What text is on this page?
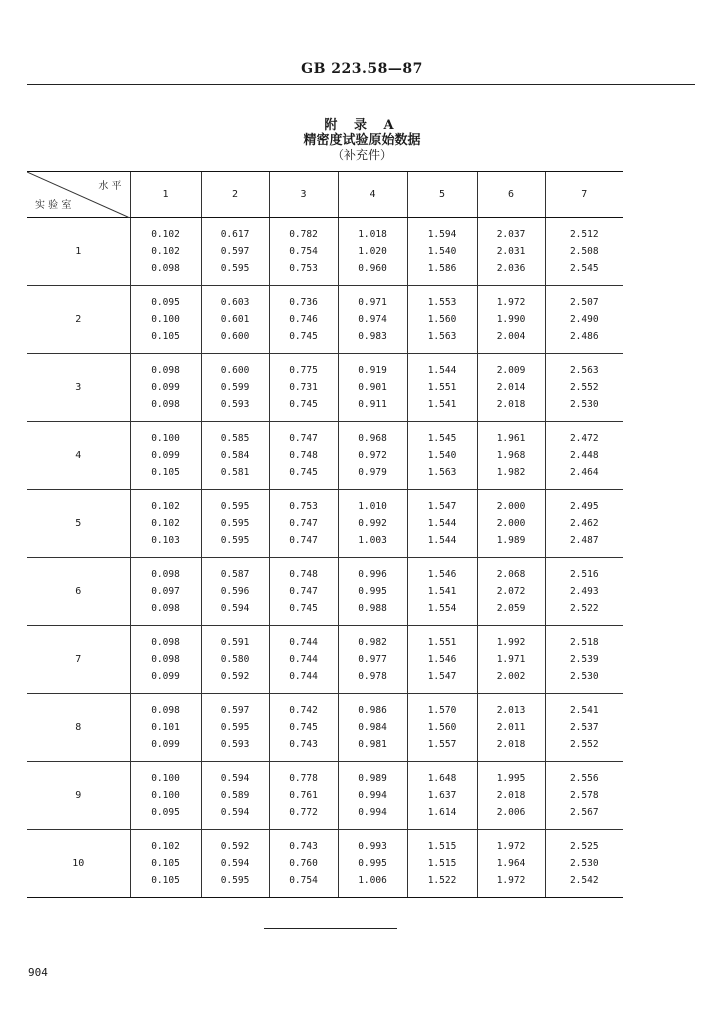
GB 223.58—87
附 录 A
精密度试验原始数据
（补充件）
水 平
实 验 室	1	2	3	4	5	6	7
1	0.102
0.102
0.098	0.617
0.597
0.595	0.782
0.754
0.753	1.018
1.020
0.960	1.594
1.540
1.586	2.037
2.031
2.036	2.512
2.508
2.545

2	0.095
0.100
0.105	0.603
0.601
0.600	0.736
0.746
0.745	0.971
0.974
0.983	1.553
1.560
1.563	1.972
1.990
2.004	2.507
2.490
2.486

3	0.098
0.099
0.098	0.600
0.599
0.593	0.775
0.731
0.745	0.919
0.901
0.911	1.544
1.551
1.541	2.009
2.014
2.018	2.563
2.552
2.530

4	0.100
0.099
0.105	0.585
0.584
0.581	0.747
0.748
0.745	0.968
0.972
0.979	1.545
1.540
1.563	1.961
1.968
1.982	2.472
2.448
2.464

5	0.102
0.102
0.103	0.595
0.595
0.595	0.753
0.747
0.747	1.010
0.992
1.003	1.547
1.544
1.544	2.000
2.000
1.989	2.495
2.462
2.487

6	0.098
0.097
0.098	0.587
0.596
0.594	0.748
0.747
0.745	0.996
0.995
0.988	1.546
1.541
1.554	2.068
2.072
2.059	2.516
2.493
2.522

7	0.098
0.098
0.099	0.591
0.580
0.592	0.744
0.744
0.744	0.982
0.977
0.978	1.551
1.546
1.547	1.992
1.971
2.002	2.518
2.539
2.530

8	0.098
0.101
0.099	0.597
0.595
0.593	0.742
0.745
0.743	0.986
0.984
0.981	1.570
1.560
1.557	2.013
2.011
2.018	2.541
2.537
2.552

9	0.100
0.100
0.095	0.594
0.589
0.594	0.778
0.761
0.772	0.989
0.994
0.994	1.648
1.637
1.614	1.995
2.018
2.006	2.556
2.578
2.567

10	0.102
0.105
0.105	0.592
0.594
0.595	0.743
0.760
0.754	0.993
0.995
1.006	1.515
1.515
1.522	1.972
1.964
1.972	2.525
2.530
2.542
904
